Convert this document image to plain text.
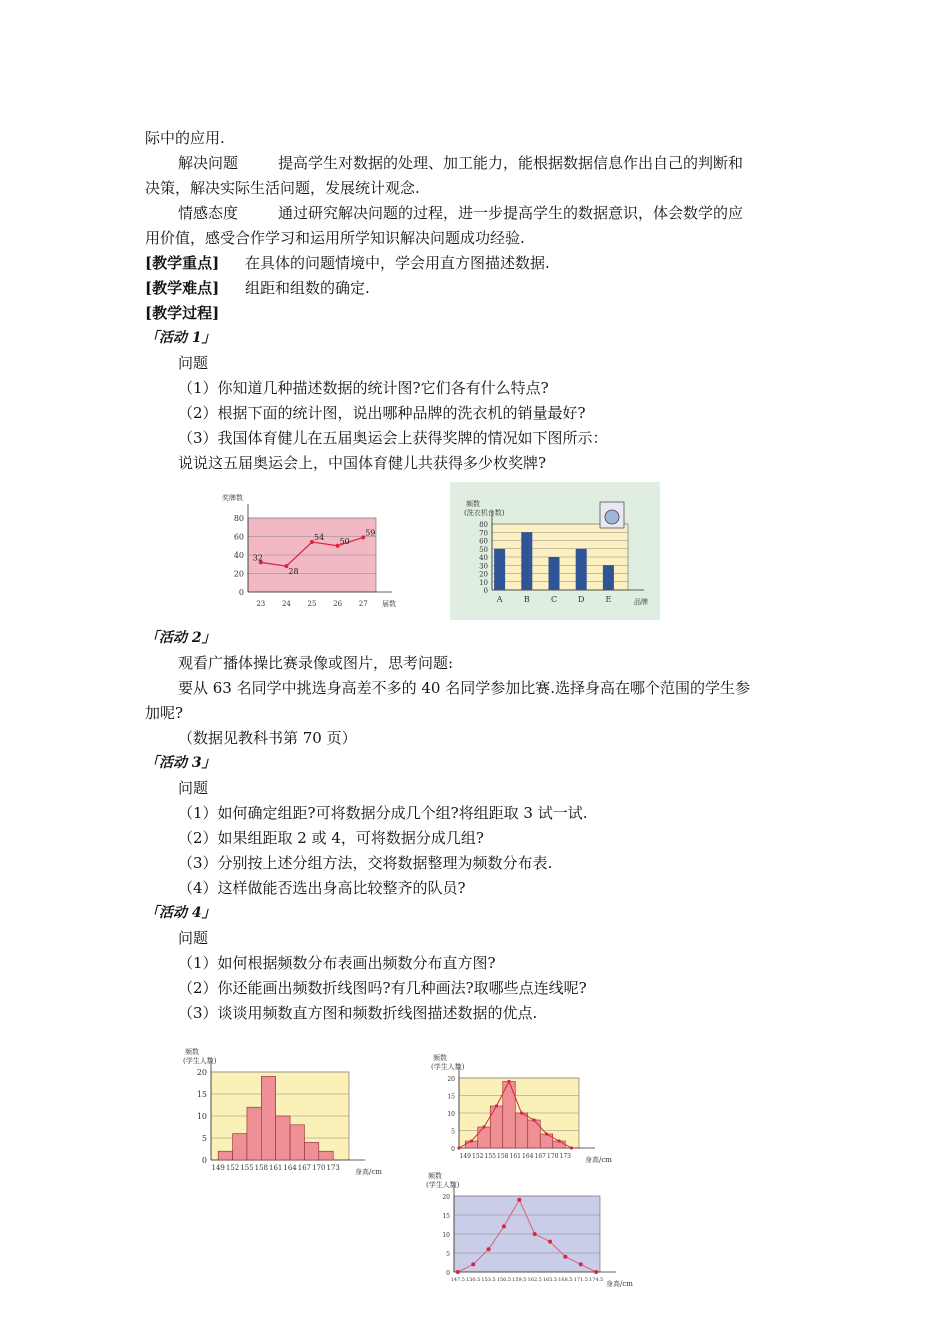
际中的应用.
解决问题	提高学生对数据的处理、加工能力，能根据数据信息作出自己的判断和
决策，解决实际生活问题，发展统计观念.
情感态度	通过研究解决问题的过程，进一步提高学生的数据意识，体会数学的应
用价值，感受合作学习和运用所学知识解决问题成功经验.
[教学重点] 在具体的问题情境中，学会用直方图描述数据.
[教学难点] 组距和组数的确定.
[教学过程]
「活动 1」
问题
（1）你知道几种描述数据的统计图?它们各有什么特点?
（2）根据下面的统计图，说出哪种品牌的洗衣机的销量最好?
（3）我国体育健儿在五届奥运会上获得奖牌的情况如下图所示：
说说这五届奥运会上，中国体育健儿共获得多少枚奖牌?
0
20
40
60
80
奖牌数
届数
32
23
28
24
54
25
50
26
59
27
0
10
20
30
40
50
60
70
80
频数
(洗衣机台数)
品牌
A	B	C	D	E
「活动 2」
观看广播体操比赛录像或图片，思考问题:
要从 63 名同学中挑选身高差不多的 40 名同学参加比赛.选择身高在哪个范围的学生参
加呢?
（数据见教科书第 70 页）
「活动 3」
问题
（1）如何确定组距?可将数据分成几个组?将组距取 3 试一试.
（2）如果组距取 2 或 4，可将数据分成几组?
（3）分别按上述分组方法，交将数据整理为频数分布表.
（4）这样做能否选出身高比较整齐的队员?
「活动 4」
问题
（1）如何根据频数分布表画出频数分布直方图?
（2）你还能画出频数折线图吗?有几种画法?取哪些点连线呢?
（3）谈谈用频数直方图和频数折线图描述数据的优点.
0
5
10
15
20
频数
(学生人数)
身高/cm
149 152 155 158 161 164 167 170 173
0
5
10
15
20
频数
(学生人数)
身高/cm
149 152 155 158 161 164 167 170 173
0
5
10
15
20
频数
(学生人数)
身高/cm
147.5 150.5 153.5 156.5 159.5 162.5 165.5 168.5 171.5 174.5
